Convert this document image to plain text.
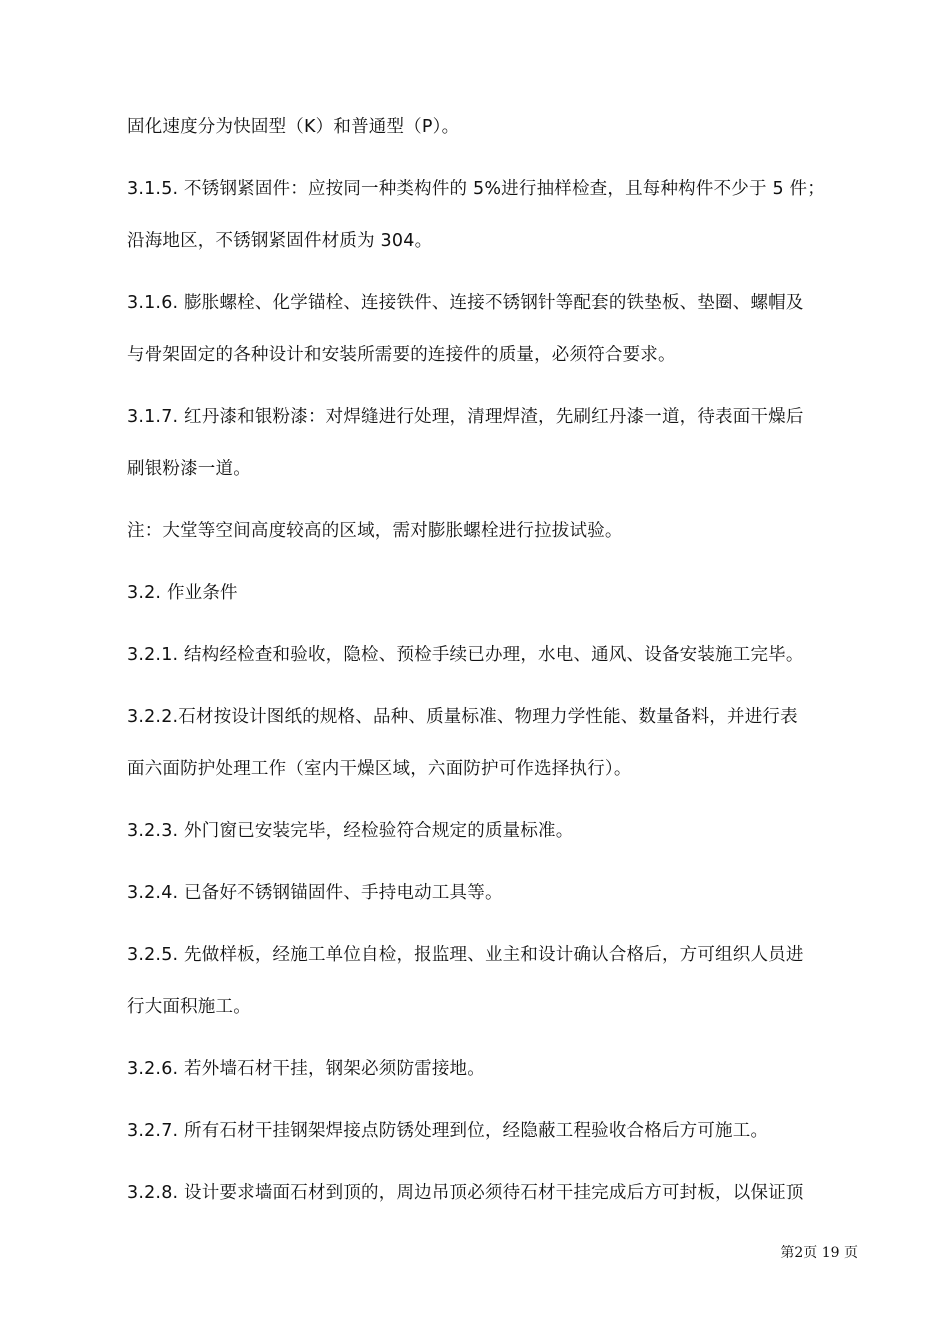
固化速度分为快固型（K）和普通型（P）。

3.1.5. 不锈钢紧固件：应按同一种类构件的 5%进行抽样检查，且每种构件不少于 5 件；
沿海地区，不锈钢紧固件材质为 304。

3.1.6. 膨胀螺栓、化学锚栓、连接铁件、连接不锈钢针等配套的铁垫板、垫圈、螺帽及
与骨架固定的各种设计和安装所需要的连接件的质量，必须符合要求。

3.1.7. 红丹漆和银粉漆：对焊缝进行处理，清理焊渣，先刷红丹漆一道，待表面干燥后
刷银粉漆一道。

注：大堂等空间高度较高的区域，需对膨胀螺栓进行拉拔试验。

3.2. 作业条件

3.2.1. 结构经检查和验收，隐检、预检手续已办理，水电、通风、设备安装施工完毕。

3.2.2.石材按设计图纸的规格、品种、质量标准、物理力学性能、数量备料，并进行表
面六面防护处理工作（室内干燥区域，六面防护可作选择执行）。

3.2.3. 外门窗已安装完毕，经检验符合规定的质量标准。

3.2.4. 已备好不锈钢锚固件、手持电动工具等。

3.2.5. 先做样板，经施工单位自检，报监理、业主和设计确认合格后，方可组织人员进
行大面积施工。

3.2.6. 若外墙石材干挂，钢架必须防雷接地。

3.2.7. 所有石材干挂钢架焊接点防锈处理到位，经隐蔽工程验收合格后方可施工。

3.2.8. 设计要求墙面石材到顶的，周边吊顶必须待石材干挂完成后方可封板，以保证顶

第2页 19 页
